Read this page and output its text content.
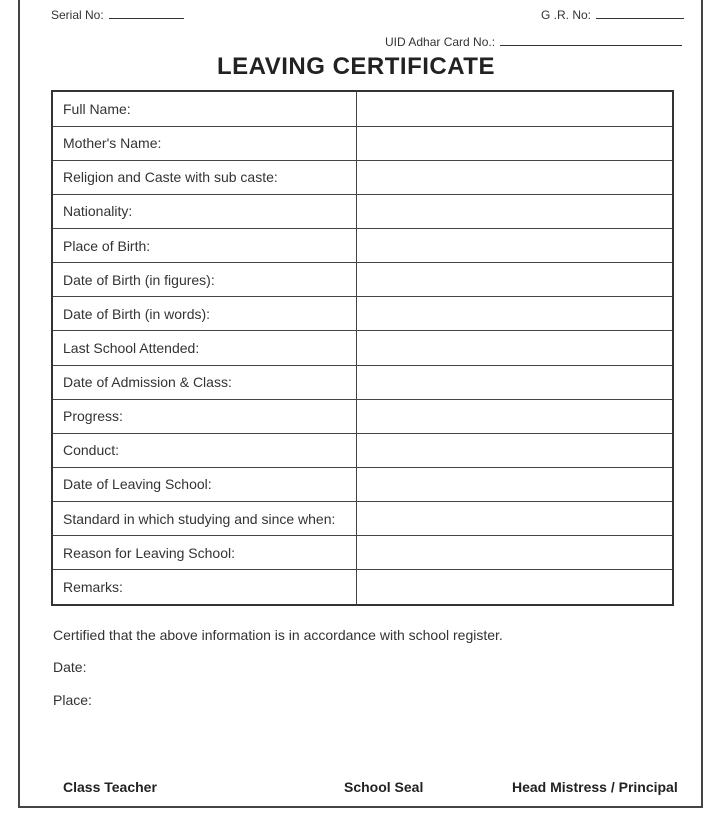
Serial No:	G .R. No:
UID Adhar Card No.:
LEAVING CERTIFICATE
Full Name:	
Mother's Name:	
Religion and Caste with sub caste:	
Nationality:	
Place of Birth:	
Date of Birth (in figures):	
Date of Birth (in words):	
Last School Attended:	
Date of Admission & Class:	
Progress:	
Conduct:	
Date of Leaving School:	
Standard in which studying and since when:	
Reason for Leaving School:	
Remarks:	
Certified that the above information is in accordance with school register.
Date:
Place:
Class Teacher	School Seal	Head Mistress / Principal
